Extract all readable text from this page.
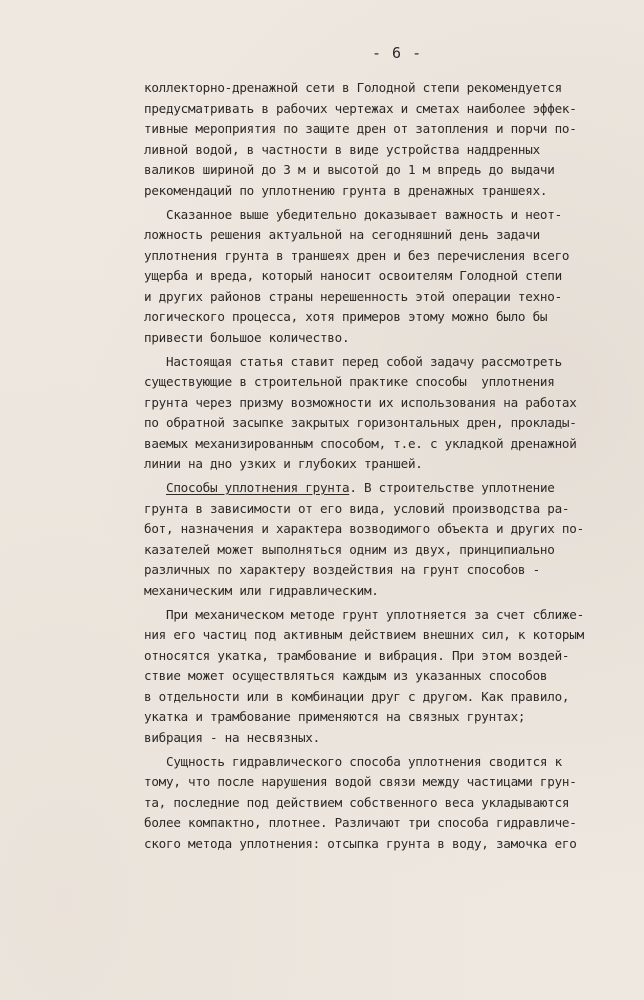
- 6 -
коллекторно-дренажной сети в Голодной степи рекомендуется
предусматривать в рабочих чертежах и сметах наиболее эффек-
тивные мероприятия по защите дрен от затопления и порчи по-
ливной водой, в частности в виде устройства наддренных
валиков шириной до 3 м и высотой до 1 м впредь до выдачи
рекомендаций по уплотнению грунта в дренажных траншеях.
Сказанное выше убедительно доказывает важность и неот-
ложность решения актуальной на сегодняшний день задачи
уплотнения грунта в траншеях дрен и без перечисления всего
ущерба и вреда, который наносит освоителям Голодной степи
и других районов страны нерешенность этой операции техно-
логического процесса, хотя примеров этому можно было бы
привести большое количество.
Настоящая статья ставит перед собой задачу рассмотреть
существующие в строительной практике способы  уплотнения
грунта через призму возможности их использования на работах
по обратной засыпке закрытых горизонтальных дрен, проклады-
ваемых механизированным способом, т.е. с укладкой дренажной
линии на дно узких и глубоких траншей.
Способы уплотнения грунта. В строительстве уплотнение
грунта в зависимости от его вида, условий производства ра-
бот, назначения и характера возводимого объекта и других по-
казателей может выполняться одним из двух, принципиально
различных по характеру воздействия на грунт способов -
механическим или гидравлическим.
При механическом методе грунт уплотняется за счет сближе-
ния его частиц под активным действием внешних сил, к которым
относятся укатка, трамбование и вибрация. При этом воздей-
ствие может осуществляться каждым из указанных способов
в отдельности или в комбинации друг с другом. Как правило,
укатка и трамбование применяются на связных грунтах;
вибрация - на несвязных.
Сущность гидравлического способа уплотнения сводится к
тому, что после нарушения водой связи между частицами грун-
та, последние под действием собственного веса укладываются
более компактно, плотнее. Различают три способа гидравличе-
ского метода уплотнения: отсыпка грунта в воду, замочка его
